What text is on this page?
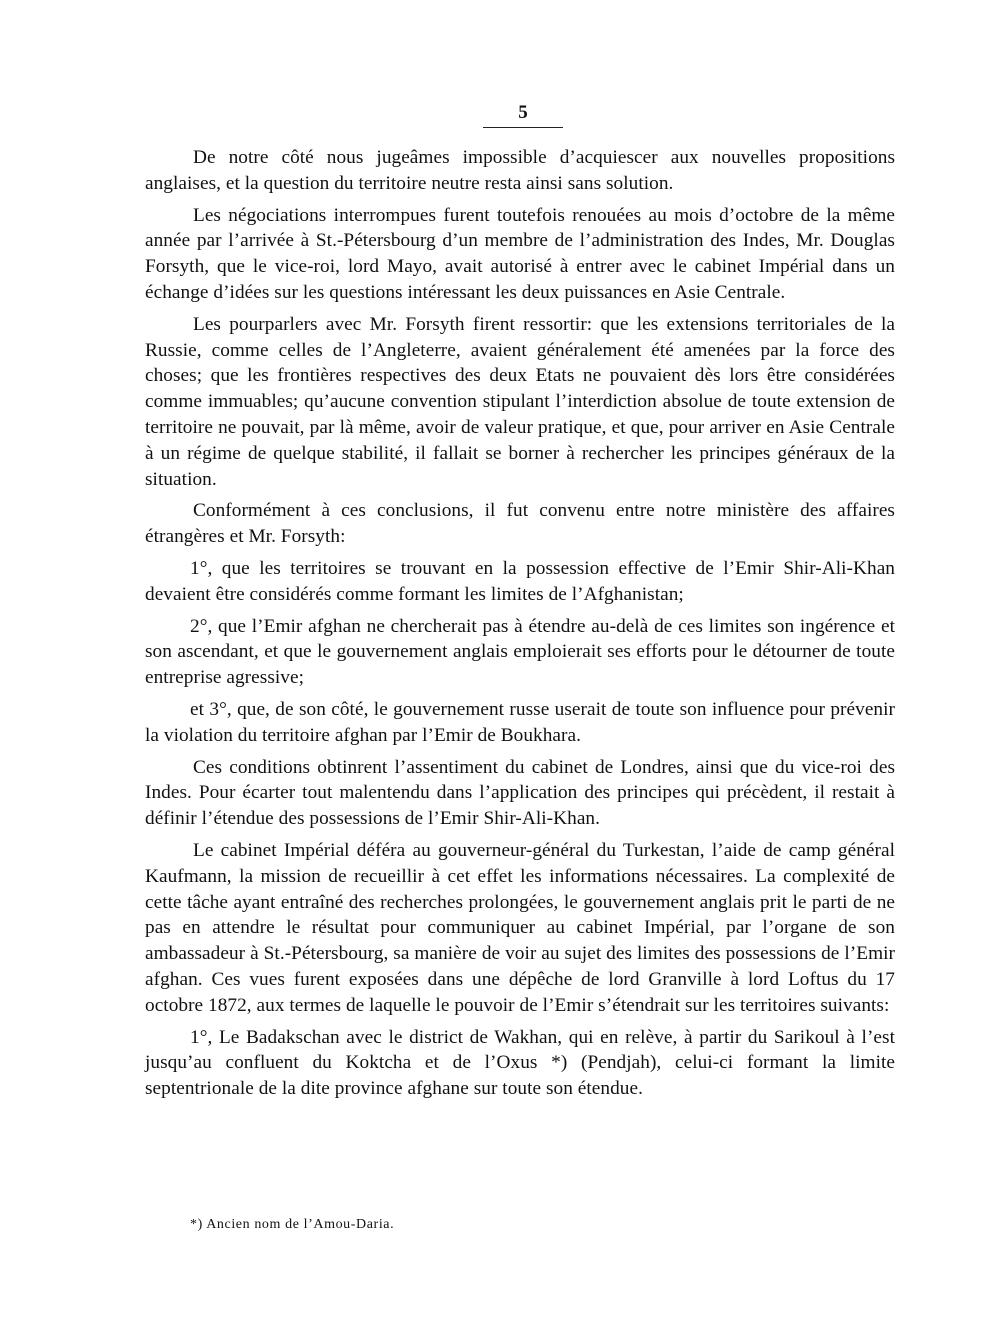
5

De notre côté nous jugeâmes impossible d’acquiescer aux nouvelles propositions anglaises, et la question du territoire neutre resta ainsi sans solution.

Les négociations interrompues furent toutefois renouées au mois d’octobre de la même année par l’arrivée à St.-Pétersbourg d’un membre de l’administration des Indes, Mr. Douglas Forsyth, que le vice-roi, lord Mayo, avait autorisé à entrer avec le cabinet Impérial dans un échange d’idées sur les questions intéressant les deux puissances en Asie Centrale.

Les pourparlers avec Mr. Forsyth firent ressortir: que les extensions territoriales de la Russie, comme celles de l’Angleterre, avaient généralement été amenées par la force des choses; que les frontières respectives des deux Etats ne pouvaient dès lors être considérées comme immuables; qu’aucune convention stipulant l’interdiction absolue de toute extension de territoire ne pouvait, par là même, avoir de valeur pratique, et que, pour arriver en Asie Centrale à un régime de quelque stabilité, il fallait se borner à rechercher les principes généraux de la situation.

Conformément à ces conclusions, il fut convenu entre notre ministère des affaires étrangères et Mr. Forsyth:

1°, que les territoires se trouvant en la possession effective de l’Emir Shir-Ali-Khan devaient être considérés comme formant les limites de l’Afghanistan;

2°, que l’Emir afghan ne chercherait pas à étendre au-delà de ces limites son ingérence et son ascendant, et que le gouvernement anglais emploierait ses efforts pour le détourner de toute entreprise agressive;

et 3°, que, de son côté, le gouvernement russe userait de toute son influence pour prévenir la violation du territoire afghan par l’Emir de Boukhara.

Ces conditions obtinrent l’assentiment du cabinet de Londres, ainsi que du vice-roi des Indes. Pour écarter tout malentendu dans l’application des principes qui précèdent, il restait à définir l’étendue des possessions de l’Emir Shir-Ali-Khan.

Le cabinet Impérial déféra au gouverneur-général du Turkestan, l’aide de camp général Kaufmann, la mission de recueillir à cet effet les informations nécessaires. La complexité de cette tâche ayant entraîné des recherches prolongées, le gouvernement anglais prit le parti de ne pas en attendre le résultat pour communiquer au cabinet Impérial, par l’organe de son ambassadeur à St.-Pétersbourg, sa manière de voir au sujet des limites des possessions de l’Emir afghan. Ces vues furent exposées dans une dépêche de lord Granville à lord Loftus du 17 octobre 1872, aux termes de laquelle le pouvoir de l’Emir s’étendrait sur les territoires suivants:

1°, Le Badakschan avec le district de Wakhan, qui en relève, à partir du Sarikoul à l’est jusqu’au confluent du Koktcha et de l’Oxus *) (Pendjah), celui-ci formant la limite septentrionale de la dite province afghane sur toute son étendue.

*) Ancien nom de l’Amou-Daria.
